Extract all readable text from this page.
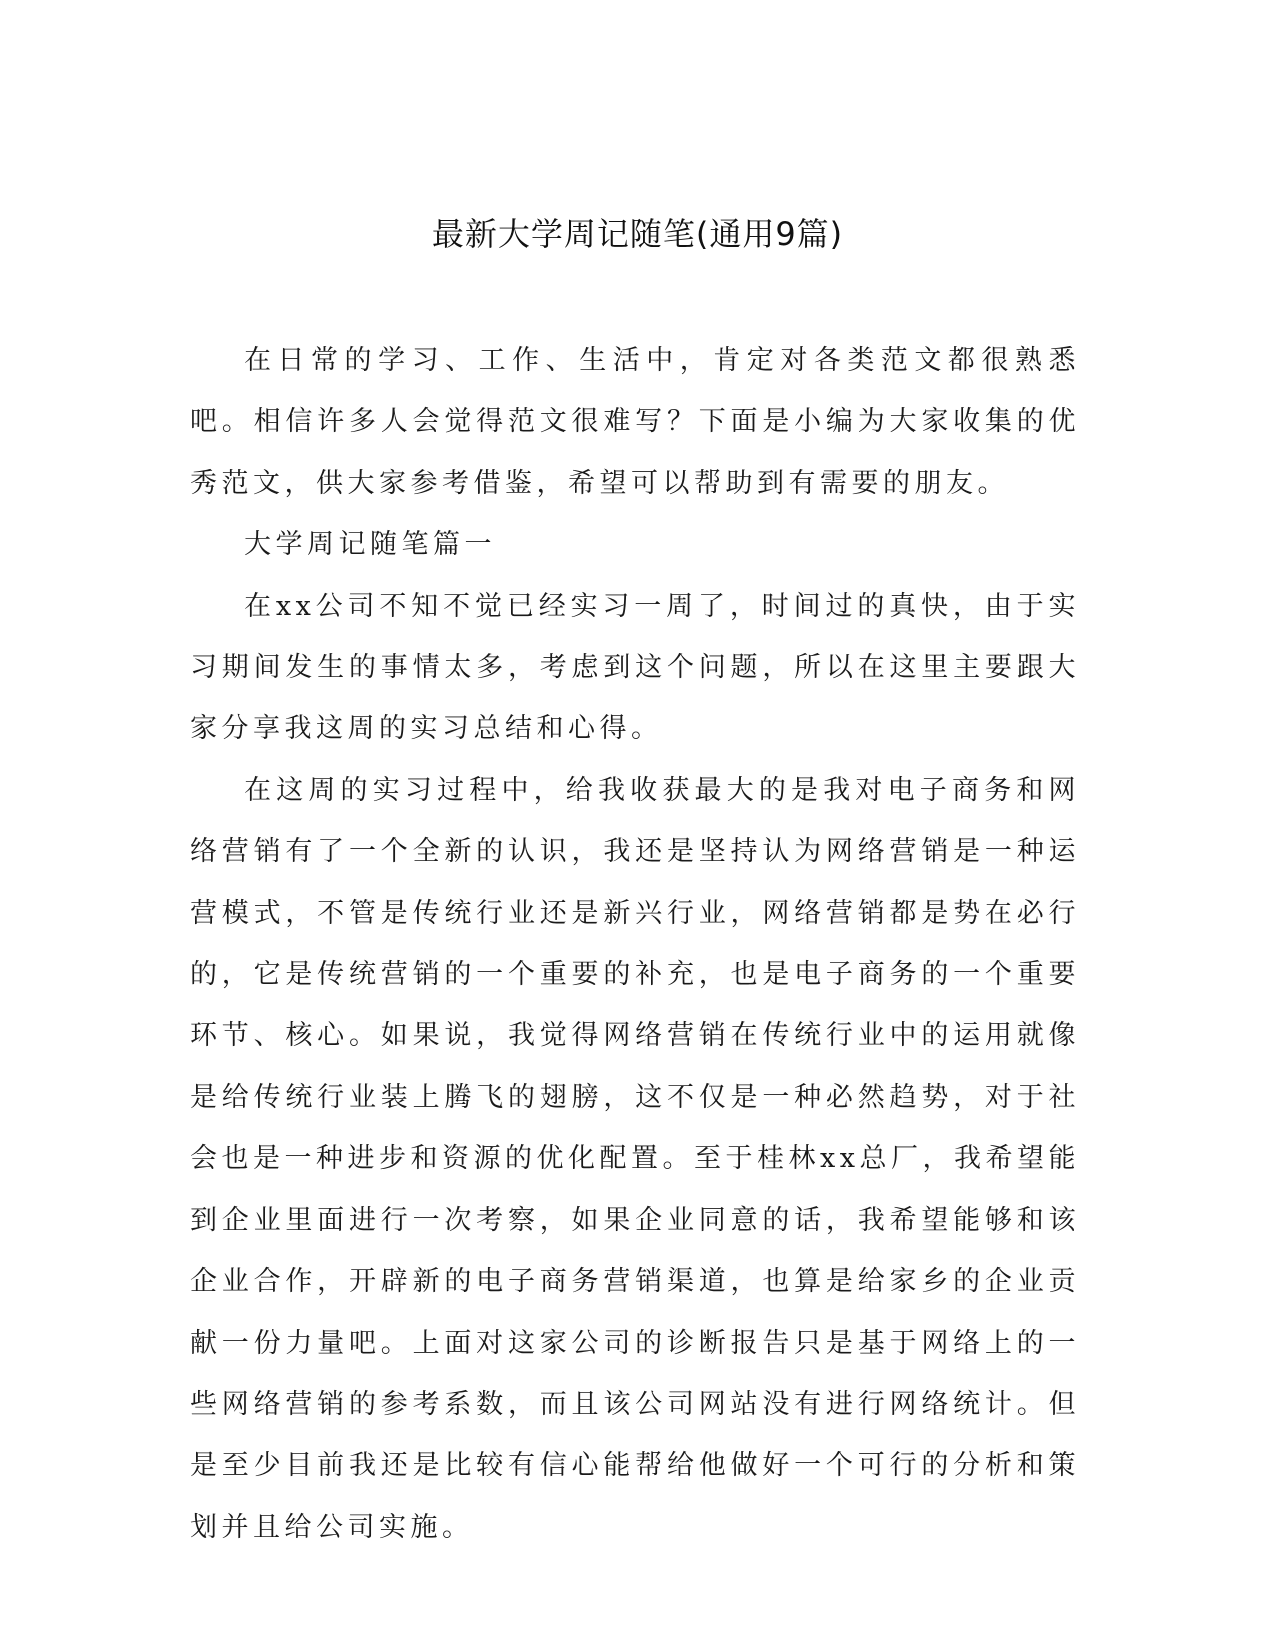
最新大学周记随笔(通用9篇)

在日常的学习、工作、生活中，肯定对各类范文都很熟悉吧。相信许多人会觉得范文很难写？下面是小编为大家收集的优秀范文，供大家参考借鉴，希望可以帮助到有需要的朋友。

大学周记随笔篇一

在xx公司不知不觉已经实习一周了，时间过的真快，由于实习期间发生的事情太多，考虑到这个问题，所以在这里主要跟大家分享我这周的实习总结和心得。

在这周的实习过程中，给我收获最大的是我对电子商务和网络营销有了一个全新的认识，我还是坚持认为网络营销是一种运营模式，不管是传统行业还是新兴行业，网络营销都是势在必行的，它是传统营销的一个重要的补充，也是电子商务的一个重要环节、核心。如果说，我觉得网络营销在传统行业中的运用就像是给传统行业装上腾飞的翅膀，这不仅是一种必然趋势，对于社会也是一种进步和资源的优化配置。至于桂林xx总厂，我希望能到企业里面进行一次考察，如果企业同意的话，我希望能够和该企业合作，开辟新的电子商务营销渠道，也算是给家乡的企业贡献一份力量吧。上面对这家公司的诊断报告只是基于网络上的一些网络营销的参考系数，而且该公司网站没有进行网络统计。但是至少目前我还是比较有信心能帮给他做好一个可行的分析和策划并且给公司实施。
